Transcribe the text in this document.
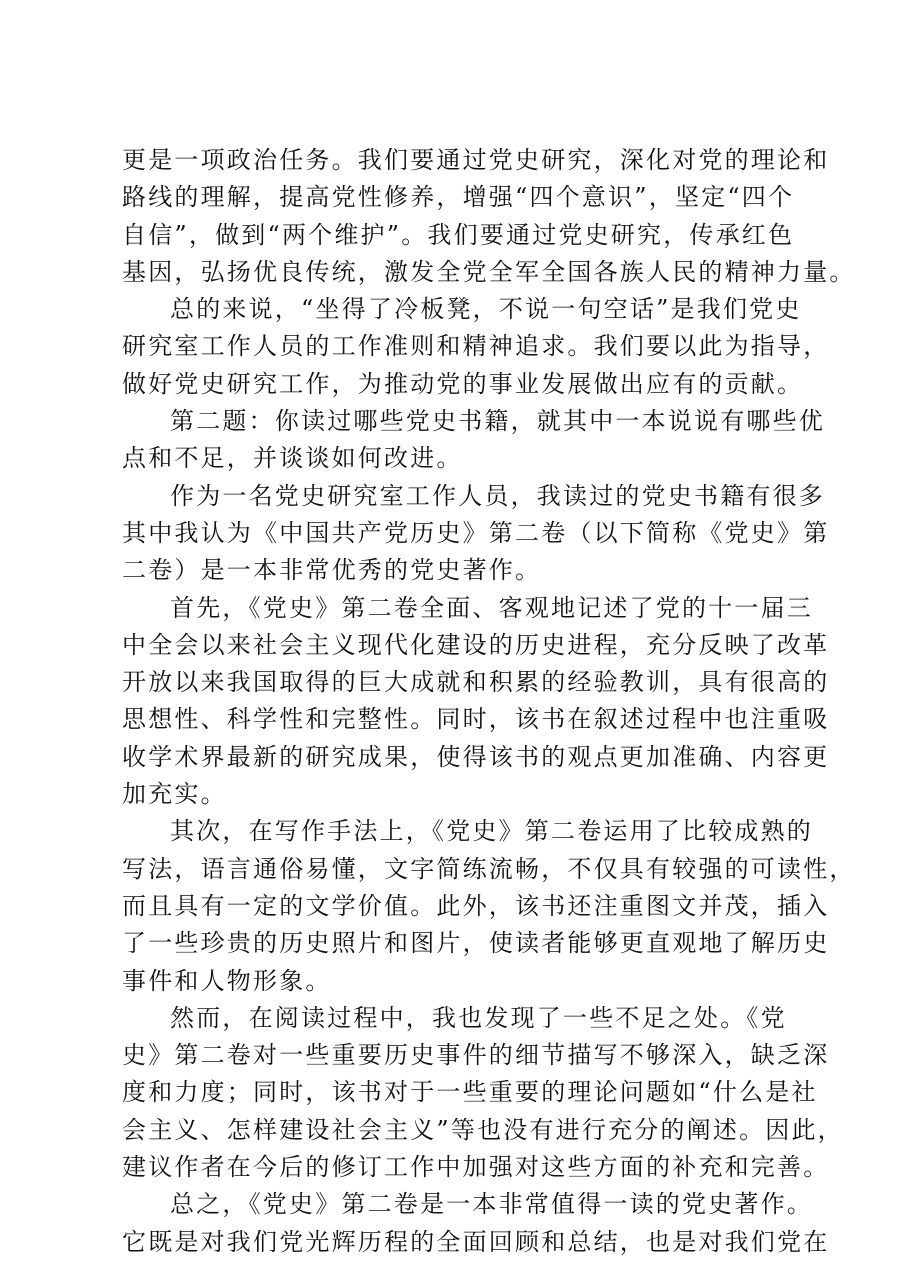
更是一项政治任务。我们要通过党史研究，深化对党的理论和
路线的理解，提高党性修养，增强“四个意识”，坚定“四个
自信”，做到“两个维护”。我们要通过党史研究，传承红色
基因，弘扬优良传统，激发全党全军全国各族人民的精神力量。
总的来说，“坐得了冷板凳，不说一句空话”是我们党史
研究室工作人员的工作准则和精神追求。我们要以此为指导，
做好党史研究工作，为推动党的事业发展做出应有的贡献。
第二题：你读过哪些党史书籍，就其中一本说说有哪些优
点和不足，并谈谈如何改进。
作为一名党史研究室工作人员，我读过的党史书籍有很多
其中我认为《中国共产党历史》第二卷（以下简称《党史》第
二卷）是一本非常优秀的党史著作。
首先，《党史》第二卷全面、客观地记述了党的十一届三
中全会以来社会主义现代化建设的历史进程，充分反映了改革
开放以来我国取得的巨大成就和积累的经验教训，具有很高的
思想性、科学性和完整性。同时，该书在叙述过程中也注重吸
收学术界最新的研究成果，使得该书的观点更加准确、内容更
加充实。
其次，在写作手法上，《党史》第二卷运用了比较成熟的
写法，语言通俗易懂，文字简练流畅，不仅具有较强的可读性，
而且具有一定的文学价值。此外，该书还注重图文并茂，插入
了一些珍贵的历史照片和图片，使读者能够更直观地了解历史
事件和人物形象。
然而，在阅读过程中，我也发现了一些不足之处。《党
史》第二卷对一些重要历史事件的细节描写不够深入，缺乏深
度和力度；同时，该书对于一些重要的理论问题如“什么是社
会主义、怎样建设社会主义”等也没有进行充分的阐述。因此，
建议作者在今后的修订工作中加强对这些方面的补充和完善。
总之，《党史》第二卷是一本非常值得一读的党史著作。
它既是对我们党光辉历程的全面回顾和总结，也是对我们党在
